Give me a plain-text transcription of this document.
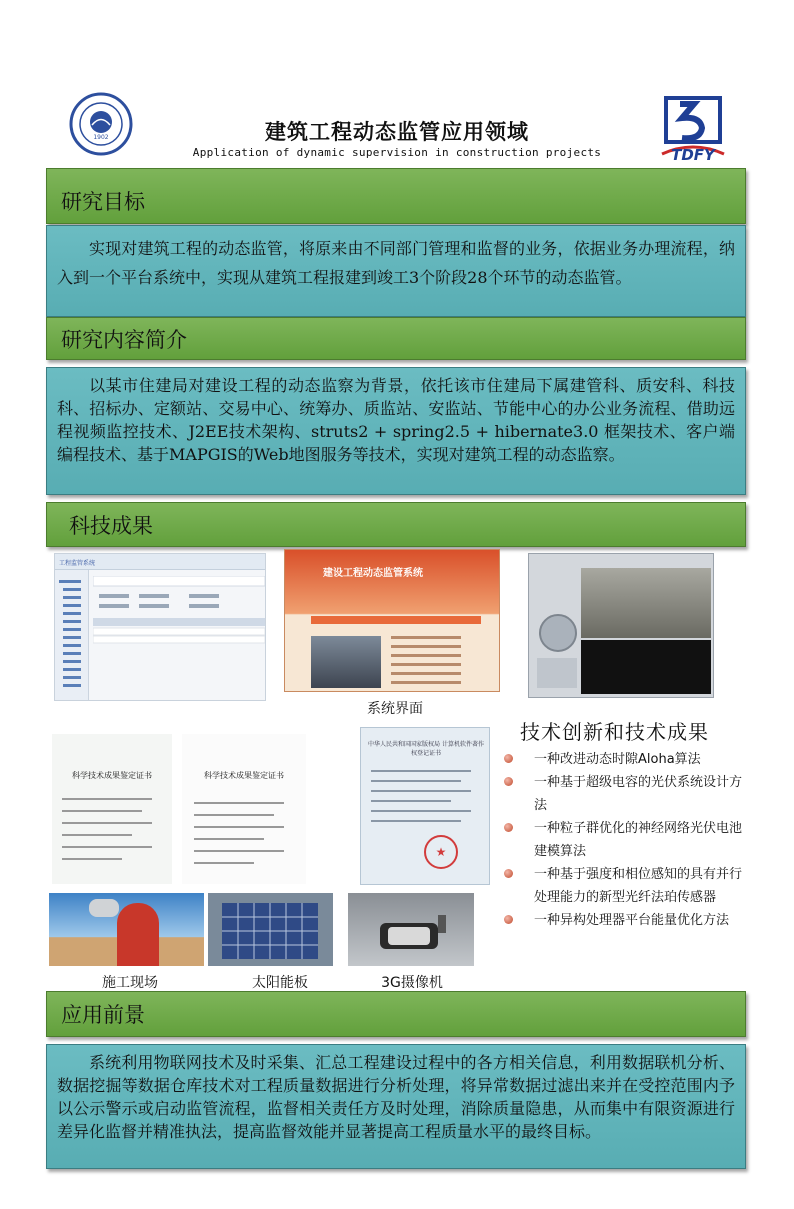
1902	建筑工程动态监管应用领域
Application of dynamic supervision in construction projects	TDFY
研究目标
实现对建筑工程的动态监管，将原来由不同部门管理和监督的业务，依据业务办理流程，纳入到一个平台系统中，实现从建筑工程报建到竣工3个阶段28个环节的动态监管。
研究内容简介
以某市住建局对建设工程的动态监察为背景，依托该市住建局下属建管科、质安科、科技科、招标办、定额站、交易中心、统筹办、质监站、安监站、节能中心的办公业务流程、借助远程视频监控技术、J2EE技术架构、struts2 + spring2.5 + hibernate3.0 框架技术、客户端编程技术、基于MAPGIS的Web地图服务等技术，实现对建筑工程的动态监察。
科技成果
工程监管系统
建设工程动态监管系统
系统界面
科学技术成果鉴定证书	科学技术成果鉴定证书
中华人民共和国国家版权局 计算机软件著作权登记证书
★
施工现场	太阳能板	3G摄像机
技术创新和技术成果
一种改进动态时隙Aloha算法
一种基于超级电容的光伏系统设计方法
一种粒子群优化的神经网络光伏电池建模算法
一种基于强度和相位感知的具有并行处理能力的新型光纤法珀传感器
一种异构处理器平台能量优化方法
应用前景
系统利用物联网技术及时采集、汇总工程建设过程中的各方相关信息，利用数据联机分析、数据挖掘等数据仓库技术对工程质量数据进行分析处理，将异常数据过滤出来并在受控范围内予以公示警示或启动监管流程，监督相关责任方及时处理，消除质量隐患，从而集中有限资源进行差异化监督并精准执法，提高监督效能并显著提高工程质量水平的最终目标。
